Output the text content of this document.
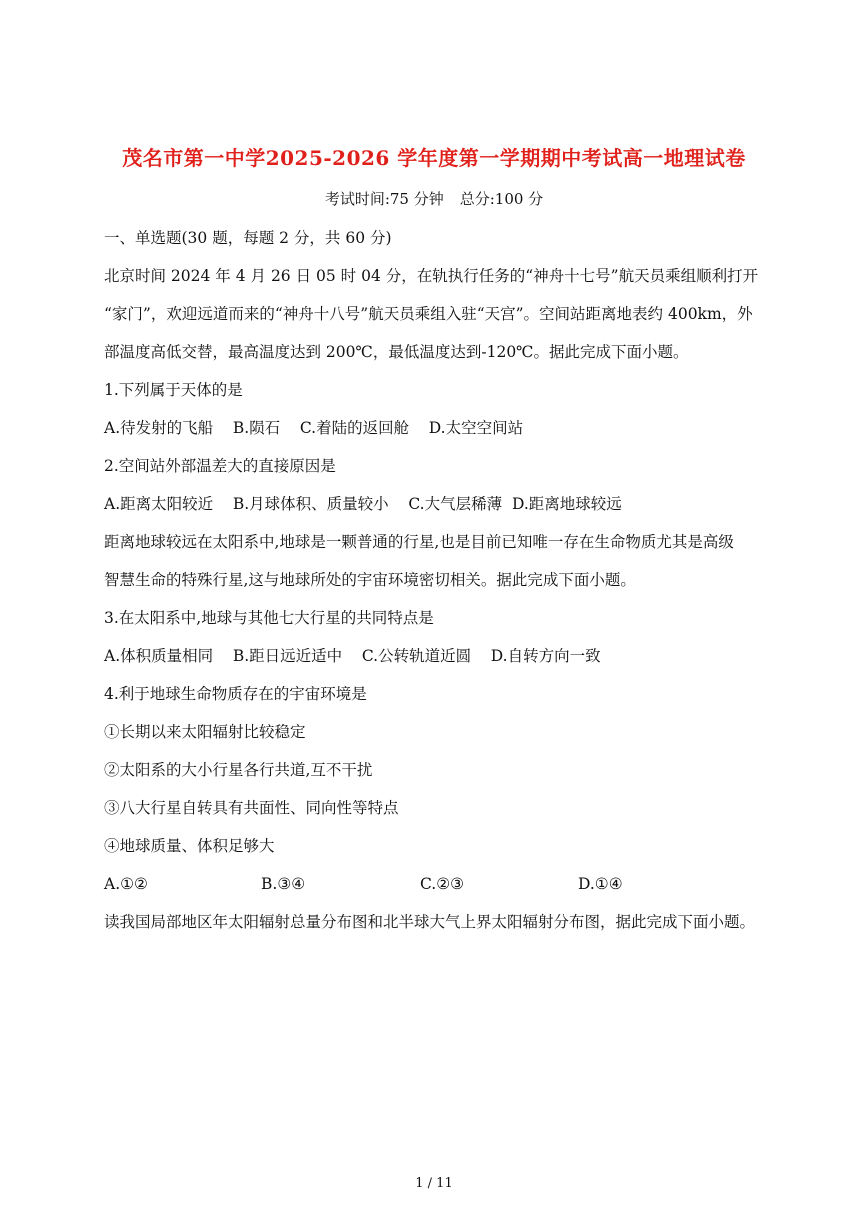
茂名市第一中学2025-2026 学年度第一学期期中考试高一地理试卷
考试时间:75 分钟 总分:100 分
一、单选题(30 题，每题 2 分，共 60 分)
北京时间 2024 年 4 月 26 日 05 时 04 分，在轨执行任务的“神舟十七号”航天员乘组顺利打开
“家门”，欢迎远道而来的“神舟十八号”航天员乘组入驻“天宫”。空间站距离地表约 400km，外
部温度高低交替，最高温度达到 200℃，最低温度达到-120℃。据此完成下面小题。
1.下列属于天体的是
A.待发射的飞船    B.陨石    C.着陆的返回舱    D.太空空间站
2.空间站外部温差大的直接原因是
A.距离太阳较近    B.月球体积、质量较小    C.大气层稀薄  D.距离地球较远
距离地球较远在太阳系中,地球是一颗普通的行星,也是目前已知唯一存在生命物质尤其是高级
智慧生命的特殊行星,这与地球所处的宇宙环境密切相关。据此完成下面小题。
3.在太阳系中,地球与其他七大行星的共同特点是
A.体积质量相同    B.距日远近适中    C.公转轨道近圆    D.自转方向一致
4.利于地球生命物质存在的宇宙环境是
①长期以来太阳辐射比较稳定
②太阳系的大小行星各行共道,互不干扰
③八大行星自转具有共面性、同向性等特点
④地球质量、体积足够大
A.①②	B.③④	C.②③	D.①④
读我国局部地区年太阳辐射总量分布图和北半球大气上界太阳辐射分布图，据此完成下面小题。
1 / 11
